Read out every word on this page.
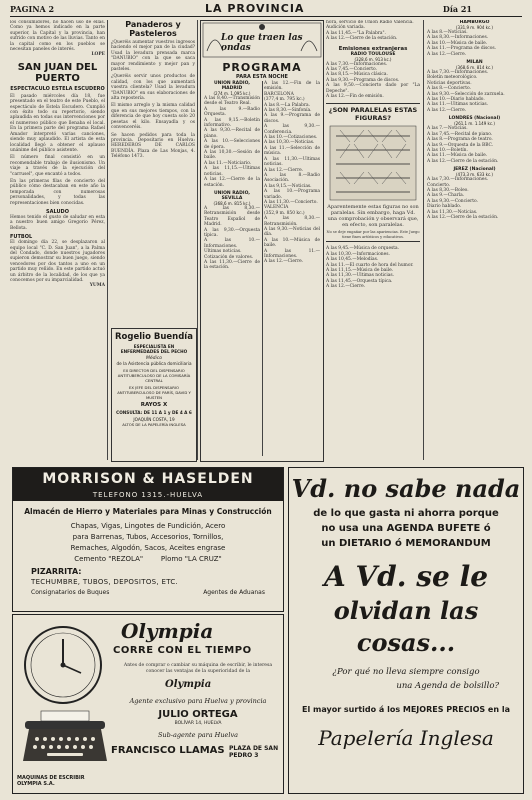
PAGINA 2	LA PROVINCIA	Día 21
los consumidores, no hacen uso de ellas. Como ya hemos indicado en la parte superior, la Capital y la provincia, han sufrido con motivo de las lluvias. Tanto en la capital como en los pueblos se necesitan paneles de interés.
LOPE
SAN JUAN DEL PUERTO
ESPECTACULO ESTELA ESCUDERO
El pasado miércoles día 18, fue presentado en el teatro de este Pueblo, el espectáculo de Estela Escudero. Cumplió con éxito todo su repertorio, siendo aplaudida en todas sus intervenciones por el numeroso público que llenaba el local. En la primera parte del programa Rafael Amador interpretó varias canciones, siendo muy aplaudido. El artista de esta localidad llegó a obtener el aplauso unánime del público asistente.
El número final consistió en un recomendable trabajo de ilusionismo. Un viaje a través de la ejecución del "carrusel", que encantó a todos.
En las primeras filas de concierto del público cómo destacaban en este año la temporada con numerosas personalidades, y todas las representaciones bien conocidas.
SALUDO
Hemos tenido el gusto de saludar en esta a nuestro buen amigo Gregorio Pérez, Bellota.
FUTBOL
El domingo día 22, se desplazaron al equipo local "C. D. San Juan", a la Palma del Condado, donde nuestros jugadores supieron demostrar su buen juego, siendo vencedores por dos tantos a uno en un partido muy reñido. En este partido actuó un árbitro de la localidad, de los que ya conocemos por su imparcialidad.
YUMA
Panaderos y Pasteleros
¿Queréis aumentar vuestros ingresos haciendo el mejor pan de la ciudad? Usad la levadura prensada marca "DANUBIO" con la que se saca mayor rendimiento y mejor pan y pasteles.
¿Queréis servir unos productos de calidad, con los que aumentará vuestra clientela? Usad la levadura "DANUBIO" en sus elaboraciones de alta repostería.
El mismo arreglo y la misma calidad que en sus mejores tiempos, con la diferencia de que hoy cuesta solo 20 pesetas el kilo. Ensayadla y os convenceréis.
Se hacen pedidos para toda la provincia. Depositario en Huelva: HEREDEROS DE CARLOS BUENDÍA. Plaza de Las Monjas, 4. Teléfono 1473.
Rogelio Buendía
ESPECIALISTA EN ENFERMEDADES DEL PECHO
Médico
de la Asistencia pública domiciliaria
EX DIRECTOR DEL DISPENSARIO ANTITUBERCULOSO DE LA COMISARÍA CENTRAL
EX JEFE DEL DISPENSARIO ANTITUBERCULOSO DE PARÍS, DAVID Y MUSTEN
RAYOS X
CONSULTA: DE 11 A 1 y DE 4 A 6
JOAQUÍN COSTA, 19
ALTOS DE LA PAPELERÍA INGLESA
Lo que traen las ondas
PROGRAMA
PARA ESTA NOCHE
UNION RADIO, MADRID
(274 m. 1.095 kc.)
A las 8,40.—Transmisión desde el Teatro Real.
A las 9.—Radio Orquesta.
A las 9,15.—Boletín informativo.
A las 9,30.—Recital de piano.
A las 10.—Selecciones de ópera.
A las 10,30.—Sesión de baile.
A las 11.—Noticiario.
A las 11,15.—Ultimas noticias.
A las 12.—Cierre de la estación.
UNION RADIO, SEVILLA
(368,6 m. 815 kc.)
A las 8,30.—Retransmisión desde Teatro Español de Madrid.
A las 9,30.—Orquesta típica.
A las 10.—Informaciones.
Ultimas noticias.
Cotización de valores.
A las 11,30.—Cierre de la estación.
A las 12.—Fin de la emisión.
BARCELONA
(377,4 m. 795 kc.)
A las 8.—La Palabra.
A las 8,30.—Sinfonía.
A las 9.—Programa de discos.
A las 9,30.—Conferencia.
A las 10.—Cotizaciones.
A las 10,30.—Noticias.
A las 11.—Selección de música.
A las 11,30.—Ultimas noticias.
A las 12.—Cierre.
A las 8.—Radio Asociación.
A las 9,15.—Noticias.
A las 10.—Programa variado.
A las 11,30.—Concierto.
VALENCIA
(352,9 m. 850 kc.)
A las 8,30.—Retransmisión.
A las 9,30.—Noticias del día.
A las 10.—Música de baile.
A las 11.—Informaciones.
A las 12.—Cierre.
hora, servicio de Unión Radio Valencia.
Audición variada.
A las 11,45.—"La Palabra".
A las 12.—Cierre de la estación.
Emisiones extranjeras
RADIO TOULOUSE
(328,6 m. 913 kc.)
A las 7,30.—Informaciones.
A las 7,45.—Concierto.
A las 8,15.—Música clásica.
A las 9,30.—Programa de discos.
A las 9,50.—Concierto dado por "La Depeche".
A las 12.—Fin de emisión.
¿SON PARALELAS ESTAS FIGURAS?
Aparentemente estas figuras no son paralelas. Sin embargo, haga Vd. una comprobación y observará que, en efecto, son paralelas.
No se deje engañar por las apariencias. Este Juego tiene fines artísticos y educativos.
A las 9,45.—Música de orquesta.
A las 10,30.—Informaciones.
A las 10,45.—Melodías.
A las 11.—El cuarto de hora del humor.
A las 11,15.—Música de baile.
A las 11,30.—Ultimas noticias.
A las 11,45.—Orquesta típica.
A las 12.—Cierre.
HAMBURGO
(331,9 m. 904 kc.)
A las 8.—Noticias.
A las 8,30.—Informaciones.
A las 10.—Música de baile.
A las 11.—Programa de discos.
A las 12.—Cierre.
MILAN
(368,6 m. 814 kc.)
A las 7,30.—Informaciones.
Boletín meteorológico.
Noticias deportivas.
A las 8.—Concierto.
A las 9,30.—Selección de zarzuela.
A las 10.—Diario hablado.
A las 11.—Ultimas noticias.
A las 12.—Cierre.
LONDRES (Nacional)
(261,1 m. 1.149 kc.)
A las 7.—Noticias.
A las 7,45.—Recital de piano.
A las 8.—Programa de teatro.
A las 9.—Orquesta de la BBC.
A las 10.—Boletín.
A las 11.—Música de baile.
A las 12.—Cierre de la estación.
JEREZ (Nacional)
(473,3 m. 633 kc.)
A las 7,30.—Informaciones.
Concierto.
A las 8,30.—Boleo.
A las 9.—Charla.
A las 9,30.—Concierto.
Diario hablado.
A las 11,30.—Noticias.
A las 12.—Cierre de la estación.
MORRISON & HASELDEN
TELEFONO 1315.-HUELVA
Almacén de Hierro y Materiales para Minas y Construcción
Chapas, Vigas, Lingotes de Fundición, Acero
para Barrenas, Tubos, Accesorios, Tornillos,
Remaches, Algodón, Sacos, Aceites engrase
Cemento "REZOLA"	Plomo "LA CRUZ"
PIZARRITA:
TECHUMBRE, TUBOS, DEPOSITOS, ETC.
Consignatarios de Buques	Agentes de Aduanas
Olympia
CORRE CON EL TIEMPO
MAQUINAS DE ESCRIBIR OLYMPIA S.A.
Antes de comprar o cambiar su máquina de escribir, le interesa conocer las ventajas de la superioridad de la
Olympia
Agente exclusivo para Huelva y provincia
JULIO ORTEGA
BOLÍVAR 14, HUELVA
Sub-agente para Huelva
FRANCISCO LLAMAS PLAZA DE SAN PEDRO 3
Vd. no sabe nada
de lo que gasta ni ahorra porque
no usa una AGENDA BUFETE ó
un DIETARIO ó MEMORANDUM
A Vd. se le
olvidan las cosas...
¿Por qué no lleva siempre consigo
una Agenda de bolsillo?
El mayor surtido á los MEJORES PRECIOS en la
Papelería Inglesa
